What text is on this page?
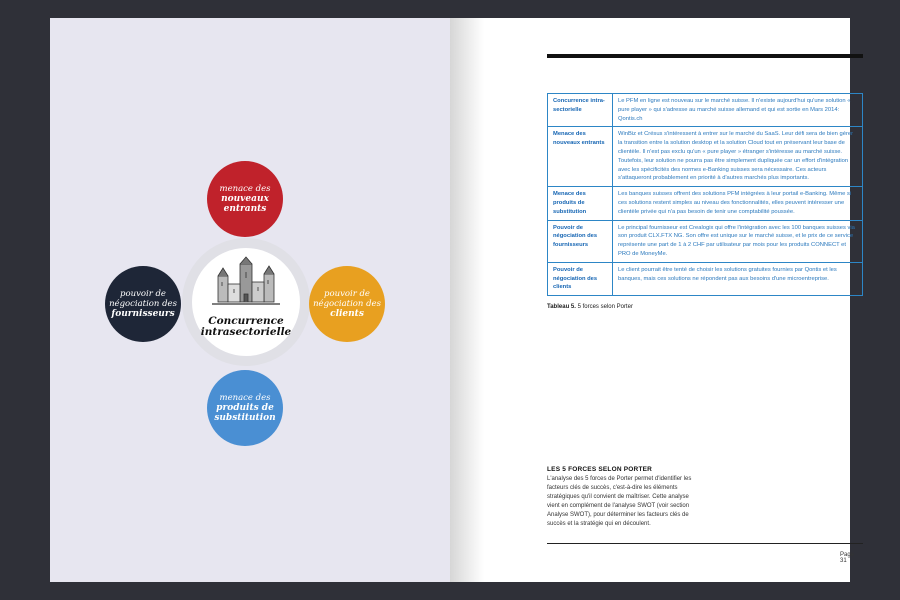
Concurrence
intrasectorielle
menace des
nouveaux
entrants
pouvoir de
négociation des
fournisseurs
pouvoir de
négociation des
clients
menace des
produits de
substitution
Concurrence intra-sectorielle	Le PFM en ligne est nouveau sur le marché suisse. Il n'existe aujourd'hui qu'une solution « pure player » qui s'adresse au marché suisse allemand et qui est sortie en Mars 2014: Qontis.ch
Menace des nouveaux entrants	WinBiz et Crésus s'intéressent à entrer sur le marché du SaaS. Leur défi sera de bien gérer la transition entre la solution desktop et la solution Cloud tout en préservant leur base de clientèle. Il n'est pas exclu qu'un « pure player » étranger s'intéresse au marché suisse. Toutefois, leur solution ne pourra pas être simplement dupliquée car un effort d'intégration avec les spécificités des normes e-Banking suisses sera nécessaire. Ces acteurs s'attaqueront probablement en priorité à d'autres marchés plus importants.
Menace des produits de substitution	Les banques suisses offrent des solutions PFM intégrées à leur portail e-Banking. Même si ces solutions restent simples au niveau des fonctionnalités, elles peuvent intéresser une clientèle privée qui n'a pas besoin de tenir une comptabilité poussée.
Pouvoir de négociation des fournisseurs	Le principal fournisseur est Crealogix qui offre l'intégration avec les 100 banques suisses via son produit CLX.FTX NG. Son offre est unique sur le marché suisse, et le prix de ce service représente une part de 1 à 2 CHF par utilisateur par mois pour les produits CONNECT et PRO de MoneyMe.
Pouvoir de négociation des clients	Le client pourrait être tenté de choisir les solutions gratuites fournies par Qontis et les banques, mais ces solutions ne répondent pas aux besoins d'une microentreprise.
Tableau 5. 5 forces selon Porter
LES 5 FORCES SELON PORTER
L'analyse des 5 forces de Porter permet d'identifier les facteurs clés de succès, c'est-à-dire les éléments stratégiques qu'il convient de maîtriser. Cette analyse vient en complément de l'analyse SWOT (voir section Analyse SWOT), pour déterminer les facteurs clés de succès et la stratégie qui en découlent.
Page 31
